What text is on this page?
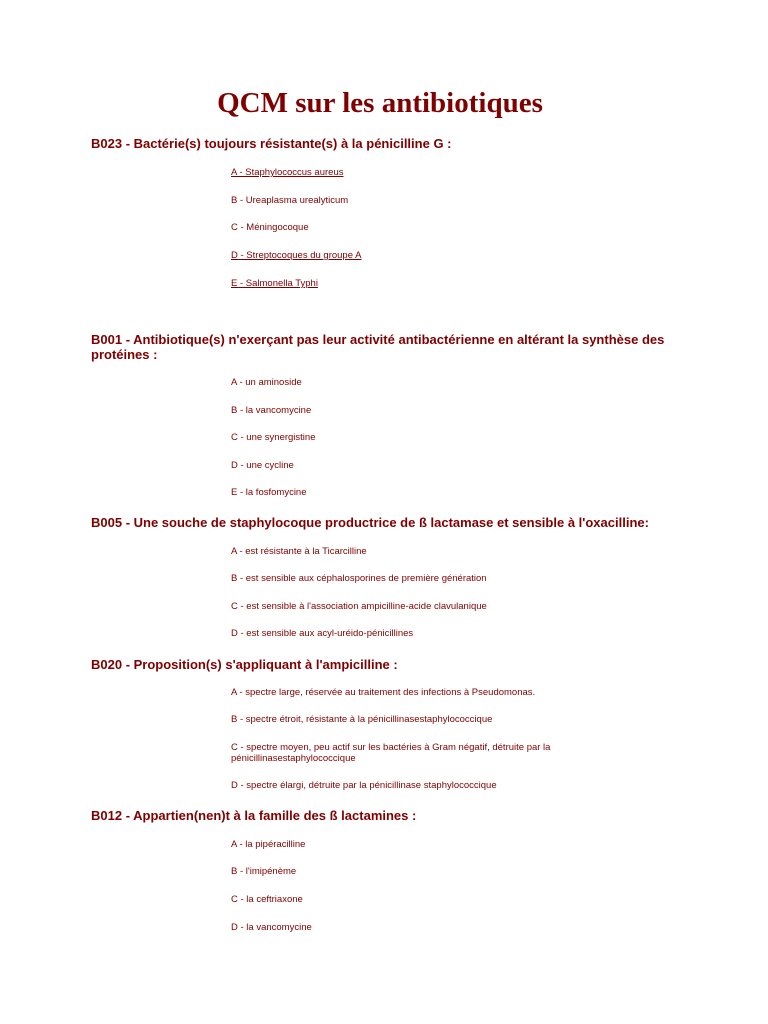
QCM sur les antibiotiques

B023 - Bactérie(s) toujours résistante(s) à la pénicilline G :

A - Staphylococcus aureus

B - Ureaplasma urealyticum

C - Méningocoque

D - Streptocoques du groupe A
E - Salmonella Typhi

B001 - Antibiotique(s) n'exerçant pas leur activité antibactérienne en altérant la synthèse des protéines :

A - un aminoside

B - la vancomycine

C - une synergistine

D - une cycline

E - la fosfomycine

B005 - Une souche de staphylocoque productrice de ß lactamase et sensible à l'oxacilline:

A - est résistante à la Ticarcilline

B - est sensible aux céphalosporines de première génération

C - est sensible à l'association ampicilline-acide clavulanique

D - est sensible aux acyl-uréido-pénicillines

B020 - Proposition(s) s'appliquant à l'ampicilline :

A - spectre large, réservée au traitement des infections à Pseudomonas.

B - spectre étroit, résistante à la pénicillinasestaphylococcique

C - spectre moyen, peu actif sur les bactéries à Gram négatif, détruite par la pénicillinasestaphylococcique

D - spectre élargi, détruite par la pénicillinase staphylococcique

B012 - Appartien(nen)t à la famille des ß lactamines :

A - la pipéracilline

B - l'imipénème

C - la ceftriaxone

D - la vancomycine
